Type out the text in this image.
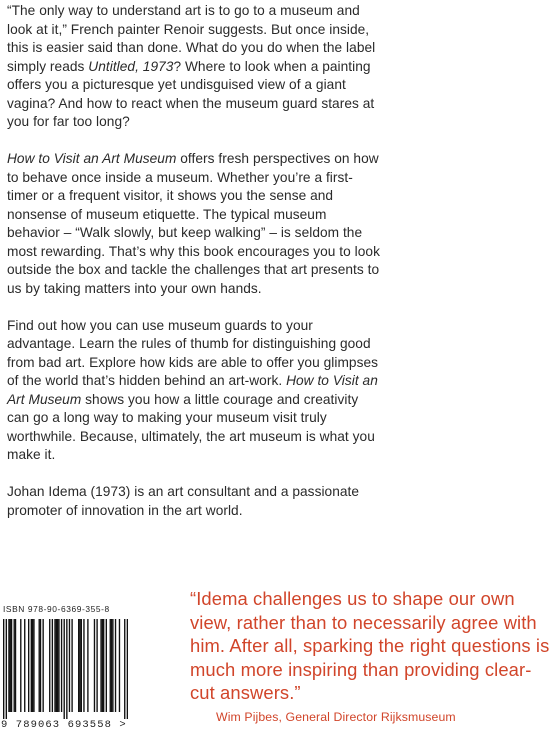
“The only way to understand art is to go to a museum and look at it,” French painter Renoir suggests. But once inside, this is easier said than done. What do you do when the label simply reads Untitled, 1973? Where to look when a painting offers you a picturesque yet undisguised view of a giant vagina? And how to react when the museum guard stares at you for far too long?

How to Visit an Art Museum offers fresh perspectives on how to behave once inside a museum. Whether you’re a first-timer or a frequent visitor, it shows you the sense and nonsense of museum etiquette. The typical museum behavior – “Walk slowly, but keep walking” – is seldom the most rewarding. That’s why this book encourages you to look outside the box and tackle the challenges that art presents to us by taking matters into your own hands.

Find out how you can use museum guards to your advantage. Learn the rules of thumb for distinguishing good from bad art. Explore how kids are able to offer you glimpses of the world that’s hidden behind an art-work. How to Visit an Art Museum shows you how a little courage and creativity can go a long way to making your museum visit truly worthwhile. Because, ultimately, the art museum is what you make it.

Johan Idema (1973) is an art consultant and a passionate promoter of innovation in the art world.

ISBN 978-90-6369-355-8
9 789063 693558 >

“Idema challenges us to shape our own view, rather than to necessarily agree with him. After all, sparking the right questions is much more inspiring than providing clear-cut answers.”

Wim Pijbes, General Director Rijksmuseum
